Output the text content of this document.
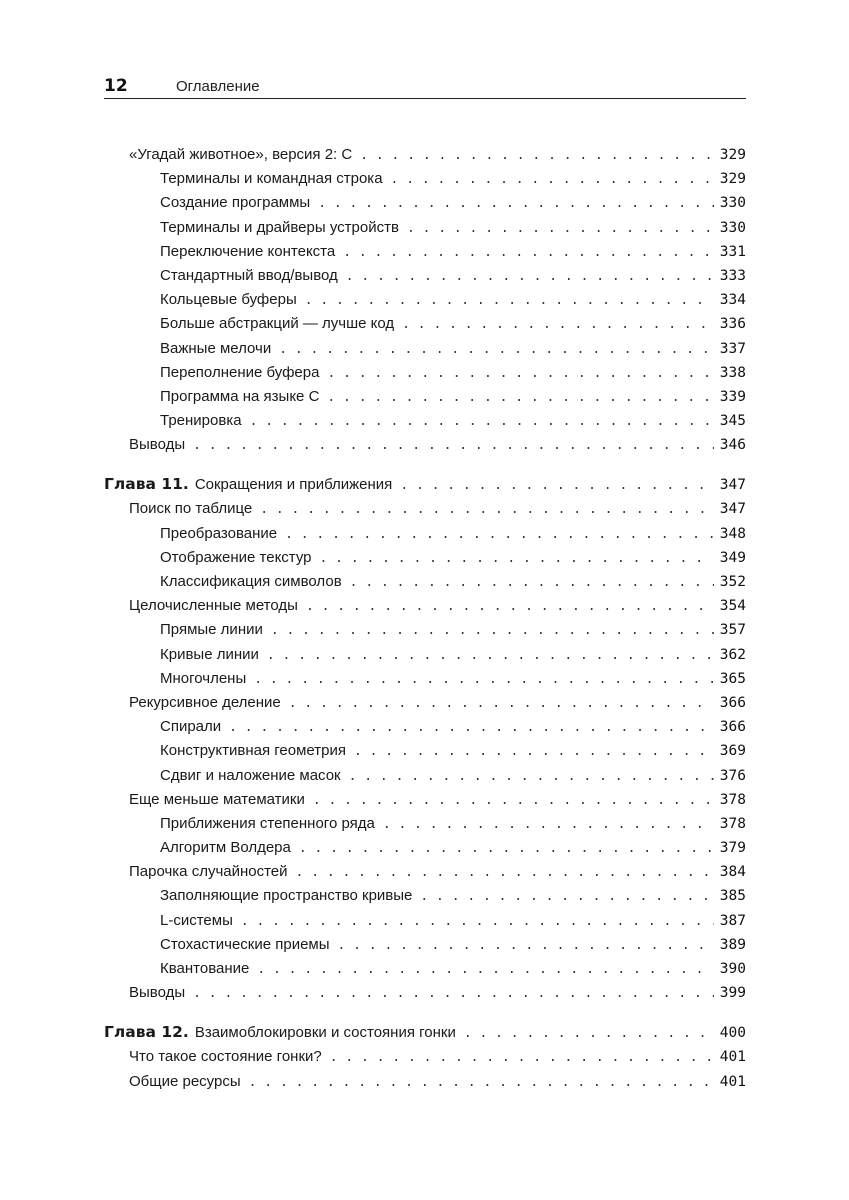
12	Оглавление
«Угадай животное», версия 2: С . . .	329
Терминалы и командная строка . . .	329
Создание программы . . .	330
Терминалы и драйверы устройств . . .	330
Переключение контекста . . .	331
Стандартный ввод/вывод . . .	333
Кольцевые буферы . . .	334
Больше абстракций — лучше код . . .	336
Важные мелочи . . .	337
Переполнение буфера . . .	338
Программа на языке С . . .	339
Тренировка . . .	345
Выводы . . .	346
Глава 11. Сокращения и приближения . . .	347
Поиск по таблице . . .	347
Преобразование . . .	348
Отображение текстур . . .	349
Классификация символов . . .	352
Целочисленные методы . . .	354
Прямые линии . . .	357
Кривые линии . . .	362
Многочлены . . .	365
Рекурсивное деление . . .	366
Спирали . . .	366
Конструктивная геометрия . . .	369
Сдвиг и наложение масок . . .	376
Еще меньше математики . . .	378
Приближения степенного ряда . . .	378
Алгоритм Волдера . . .	379
Парочка случайностей . . .	384
Заполняющие пространство кривые . . .	385
L-системы . . .	387
Стохастические приемы . . .	389
Квантование . . .	390
Выводы . . .	399
Глава 12. Взаимоблокировки и состояния гонки . . .	400
Что такое состояние гонки? . . .	401
Общие ресурсы . . .	401
